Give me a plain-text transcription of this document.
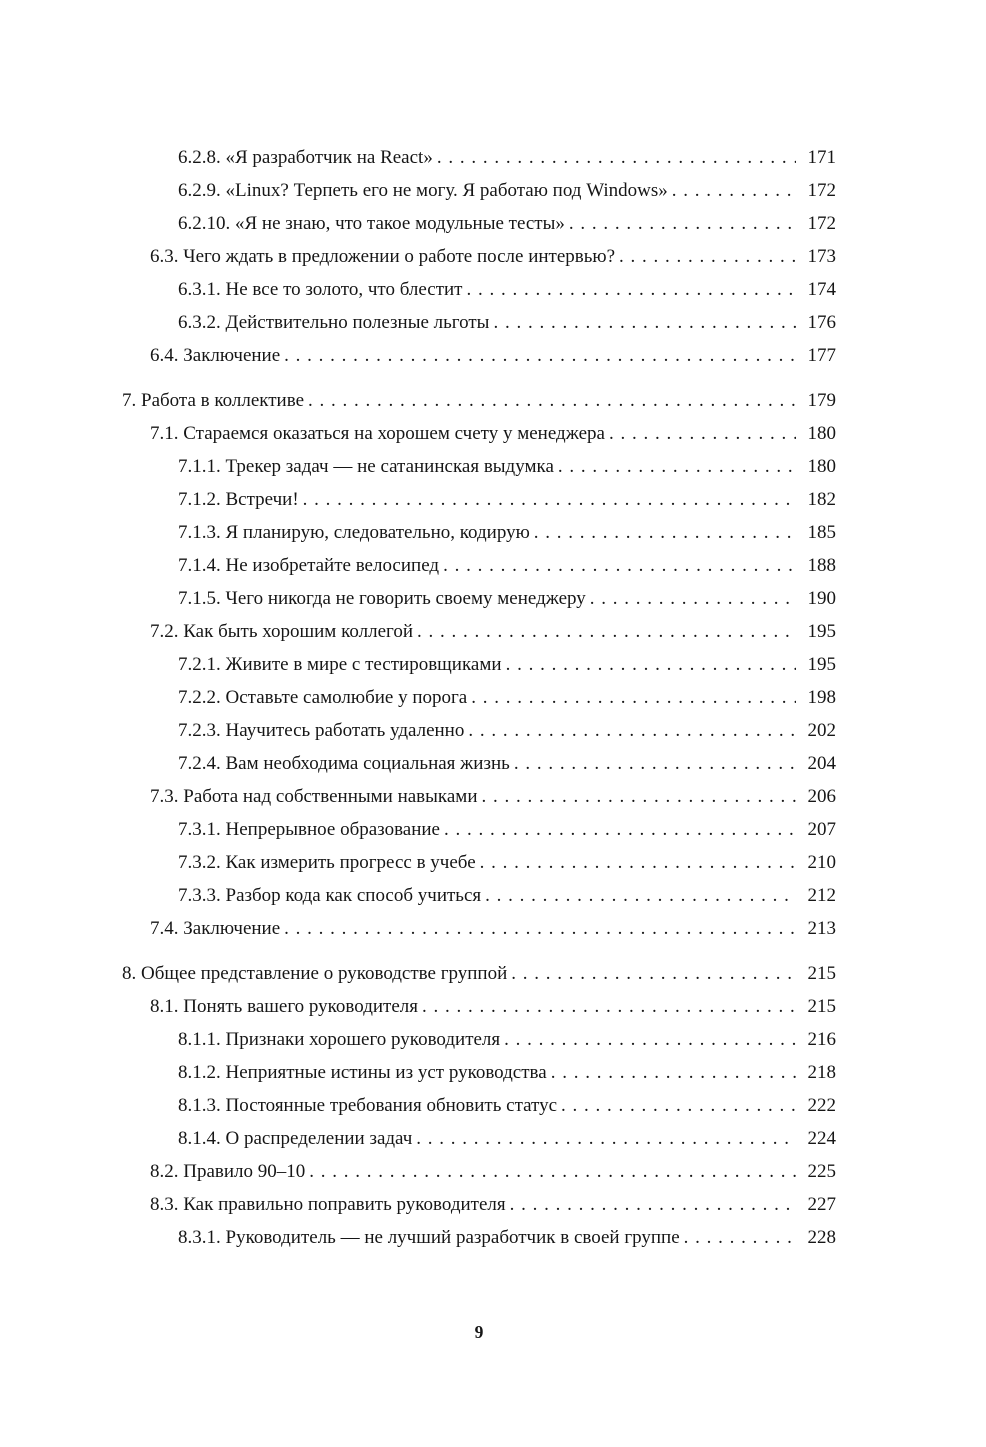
6.2.8. «Я разработчик на React» . . .	171
6.2.9. «Linux? Терпеть его не могу. Я работаю под Windows» . . .	172
6.2.10. «Я не знаю, что такое модульные тесты» . . .	172
6.3. Чего ждать в предложении о работе после интервью? . . .	173
6.3.1. Не все то золото, что блестит . . .	174
6.3.2. Действительно полезные льготы . . .	176
6.4. Заключение . . .	177
7. Работа в коллективе . . .	179
7.1. Стараемся оказаться на хорошем счету у менеджера . . .	180
7.1.1. Трекер задач — не сатанинская выдумка . . .	180
7.1.2. Встречи! . . .	182
7.1.3. Я планирую, следовательно, кодирую . . .	185
7.1.4. Не изобретайте велосипед . . .	188
7.1.5. Чего никогда не говорить своему менеджеру . . .	190
7.2. Как быть хорошим коллегой . . .	195
7.2.1. Живите в мире с тестировщиками . . .	195
7.2.2. Оставьте самолюбие у порога . . .	198
7.2.3. Научитесь работать удаленно . . .	202
7.2.4. Вам необходима социальная жизнь . . .	204
7.3. Работа над собственными навыками . . .	206
7.3.1. Непрерывное образование . . .	207
7.3.2. Как измерить прогресс в учебе . . .	210
7.3.3. Разбор кода как способ учиться . . .	212
7.4. Заключение . . .	213
8. Общее представление о руководстве группой . . .	215
8.1. Понять вашего руководителя . . .	215
8.1.1. Признаки хорошего руководителя . . .	216
8.1.2. Неприятные истины из уст руководства . . .	218
8.1.3. Постоянные требования обновить статус . . .	222
8.1.4. О распределении задач . . .	224
8.2. Правило 90–10 . . .	225
8.3. Как правильно поправить руководителя . . .	227
8.3.1. Руководитель — не лучший разработчик в своей группе . . .	228
9
